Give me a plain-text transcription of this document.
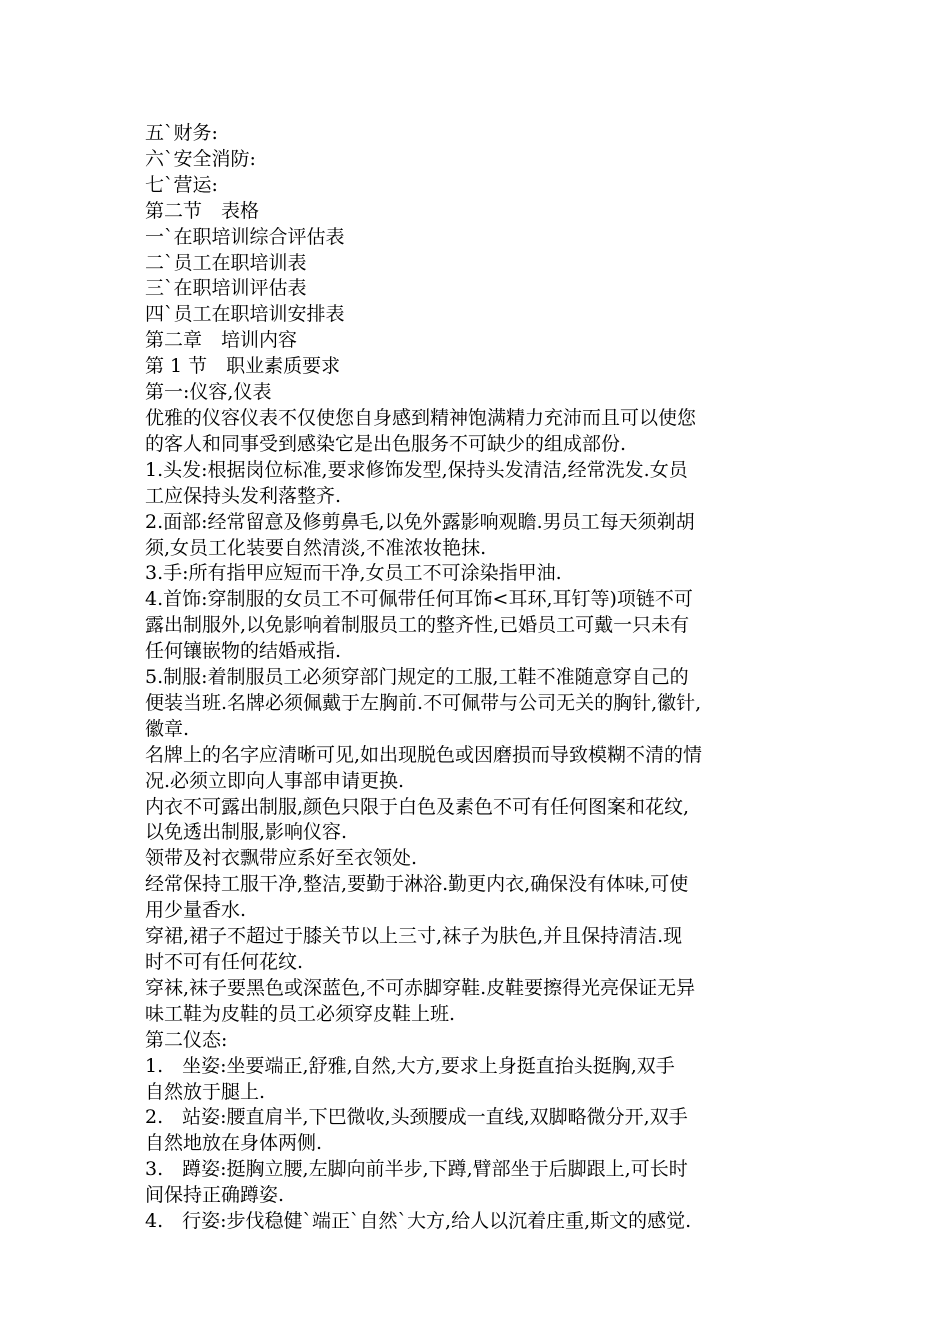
五`财务:

六`安全消防:

七`营运:

第二节　表格

一`在职培训综合评估表

二`员工在职培训表

三`在职培训评估表

四`员工在职培训安排表

第二章　培训内容

第 1 节　职业素质要求

第一:仪容,仪表

优雅的仪容仪表不仅使您自身感到精神饱满精力充沛而且可以使您

的客人和同事受到感染它是出色服务不可缺少的组成部份.

1.头发:根据岗位标准,要求修饰发型,保持头发清洁,经常洗发.女员

工应保持头发利落整齐.

2.面部:经常留意及修剪鼻毛,以免外露影响观瞻.男员工每天须剃胡

须,女员工化装要自然清淡,不准浓妆艳抹.

3.手:所有指甲应短而干净,女员工不可涂染指甲油.

4.首饰:穿制服的女员工不可佩带任何耳饰<耳环,耳钉等)项链不可

露出制服外,以免影响着制服员工的整齐性,已婚员工可戴一只未有

任何镶嵌物的结婚戒指.

5.制服:着制服员工必须穿部门规定的工服,工鞋不准随意穿自己的

便装当班.名牌必须佩戴于左胸前.不可佩带与公司无关的胸针,徽针,

徽章.

名牌上的名字应清晰可见,如出现脱色或因磨损而导致模糊不清的情

况.必须立即向人事部申请更换.

内衣不可露出制服,颜色只限于白色及素色不可有任何图案和花纹,

以免透出制服,影响仪容.

领带及衬衣飘带应系好至衣领处.

经常保持工服干净,整洁,要勤于淋浴.勤更内衣,确保没有体味,可使

用少量香水.

穿裙,裙子不超过于膝关节以上三寸,袜子为肤色,并且保持清洁.现

时不可有任何花纹.

穿袜,袜子要黑色或深蓝色,不可赤脚穿鞋.皮鞋要擦得光亮保证无异

味工鞋为皮鞋的员工必须穿皮鞋上班.

第二仪态:

1.　坐姿:坐要端正,舒雅,自然,大方,要求上身挺直抬头挺胸,双手

自然放于腿上.

2.　站姿:腰直肩半,下巴微收,头颈腰成一直线,双脚略微分开,双手

自然地放在身体两侧.

3.　蹲姿:挺胸立腰,左脚向前半步,下蹲,臂部坐于后脚跟上,可长时

间保持正确蹲姿.

4.　行姿:步伐稳健`端正`自然`大方,给人以沉着庄重,斯文的感觉.
